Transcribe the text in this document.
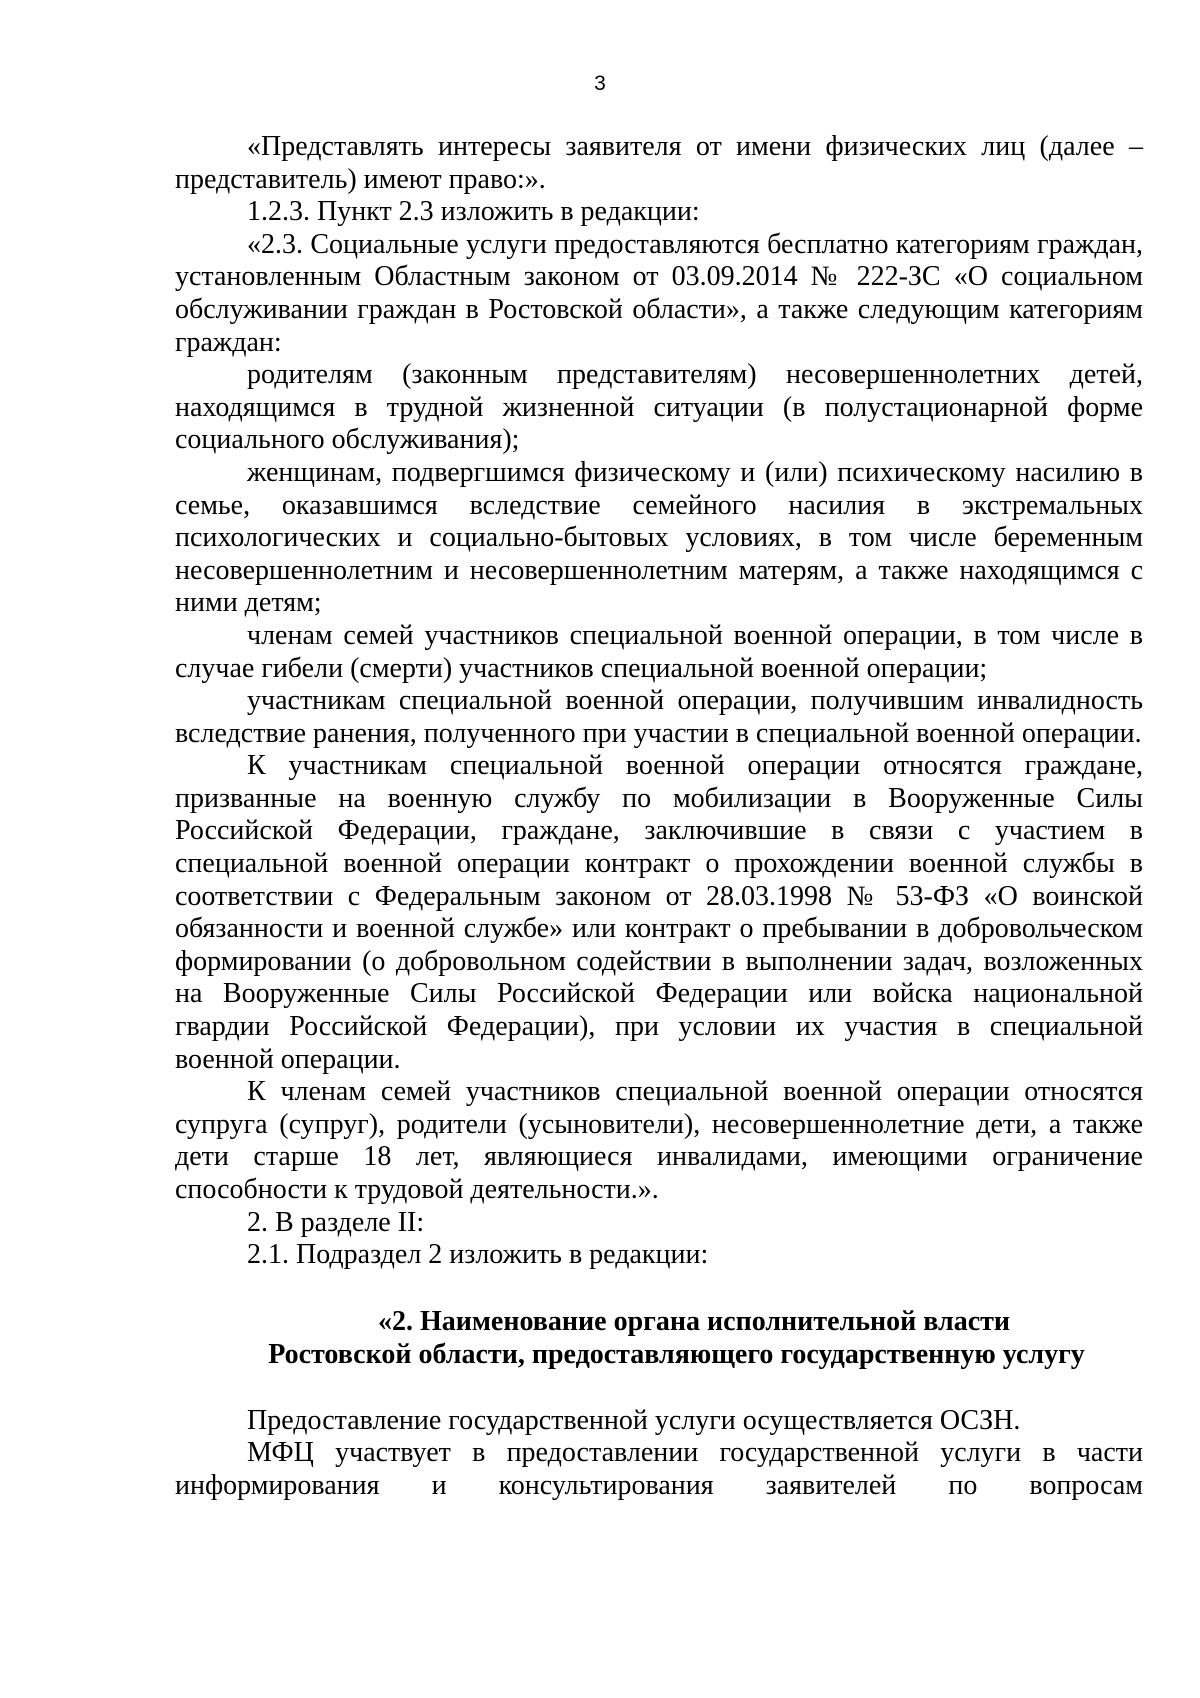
3

«Представлять интересы заявителя от имени физических лиц (далее – представитель) имеют право:».

1.2.3. Пункт 2.3 изложить в редакции:

«2.3. Социальные услуги предоставляются бесплатно категориям граждан, установленным Областным законом от 03.09.2014 № 222-ЗС «О социальном обслуживании граждан в Ростовской области», а также следующим категориям граждан:

родителям (законным представителям) несовершеннолетних детей, находящимся в трудной жизненной ситуации (в полустационарной форме социального обслуживания);

женщинам, подвергшимся физическому и (или) психическому насилию в семье, оказавшимся вследствие семейного насилия в экстремальных психологических и социально-бытовых условиях, в том числе беременным несовершеннолетним и несовершеннолетним матерям, а также находящимся с ними детям;

членам семей участников специальной военной операции, в том числе в случае гибели (смерти) участников специальной военной операции;

участникам специальной военной операции, получившим инвалидность вследствие ранения, полученного при участии в специальной военной операции.

К участникам специальной военной операции относятся граждане, призванные на военную службу по мобилизации в Вооруженные Силы Российской Федерации, граждане, заключившие в связи с участием в специальной военной операции контракт о прохождении военной службы в соответствии с Федеральным законом от 28.03.1998 № 53-ФЗ «О воинской обязанности и военной службе» или контракт о пребывании в добровольческом формировании (о добровольном содействии в выполнении задач, возложенных на Вооруженные Силы Российской Федерации или войска национальной гвардии Российской Федерации), при условии их участия в специальной военной операции.

К членам семей участников специальной военной операции относятся супруга (супруг), родители (усыновители), несовершеннолетние дети, а также дети старше 18 лет, являющиеся инвалидами, имеющими ограничение способности к трудовой деятельности.».

2. В разделе II:

2.1. Подраздел 2 изложить в редакции:

«2. Наименование органа исполнительной власти
Ростовской области, предоставляющего государственную услугу

Предоставление государственной услуги осуществляется ОСЗН.

МФЦ участвует в предоставлении государственной услуги в части информирования и консультирования заявителей по вопросам
